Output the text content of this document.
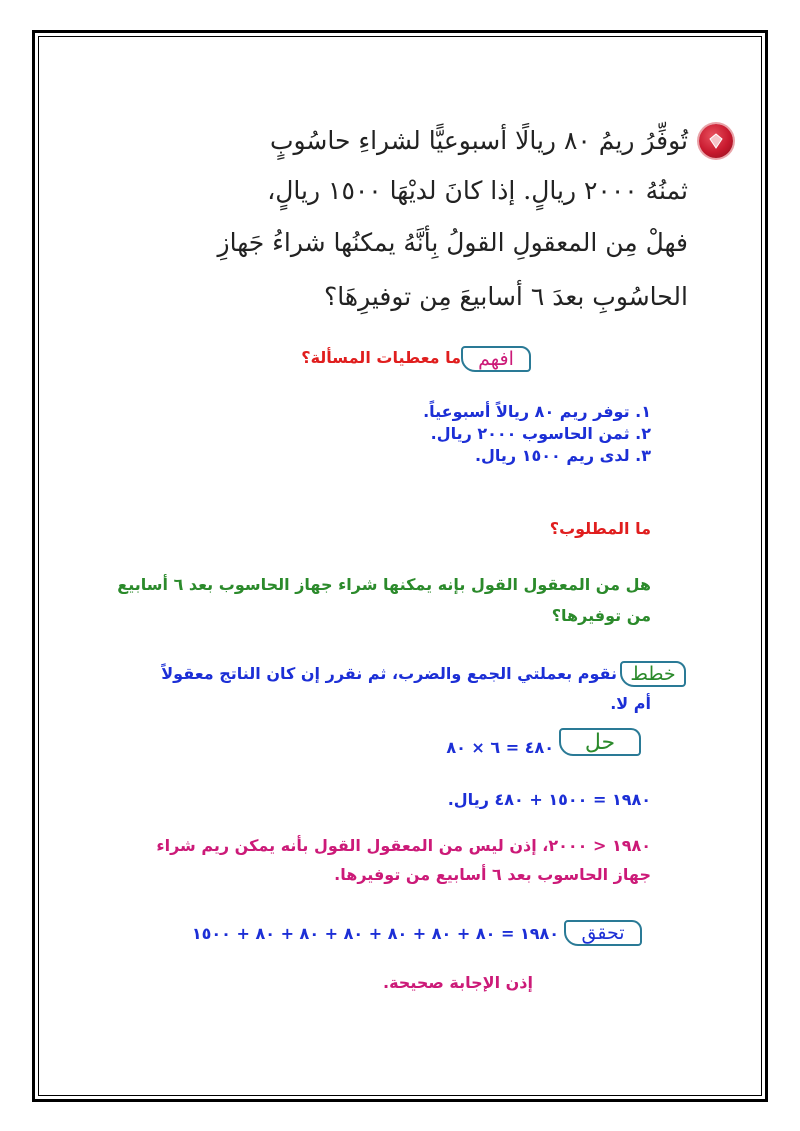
تُوفِّرُ ريمُ ٨٠ ريالًا أسبوعيًّا لشراءِ حاسُوبٍ
ثمنُهُ ٢٠٠٠ ريالٍ. إذا كانَ لديْهَا ١٥٠٠ ريالٍ،
فهلْ مِن المعقولِ القولُ بِأنَّهُ يمكنُها شراءُ جَهازِ
الحاسُوبِ بعدَ ٦ أسابيعَ مِن توفيرِهَا؟
افهم
ما معطيات المسألة؟
١. توفر ريم ٨٠ ريالاً أسبوعياً.
٢. ثمن الحاسوب ٢٠٠٠ ريال.
٣. لدى ريم ١٥٠٠ ريال.
ما المطلوب؟
هل من المعقول القول بإنه يمكنها شراء جهاز الحاسوب بعد ٦ أسابيع
من توفيرها؟
خطط
نقوم بعملتي الجمع والضرب، ثم نقرر إن كان الناتج معقولاً
أم لا.
حل
٤٨٠ = ٦ × ٨٠
١٩٨٠ = ١٥٠٠ + ٤٨٠ ريال.
١٩٨٠ < ٢٠٠٠، إذن ليس من المعقول القول بأنه يمكن ريم شراء
جهاز الحاسوب بعد ٦ أسابيع من توفيرها.
تحقق
١٩٨٠ = ٨٠ + ٨٠ + ٨٠ + ٨٠ + ٨٠ + ٨٠ + ١٥٠٠
إذن الإجابة صحيحة.
